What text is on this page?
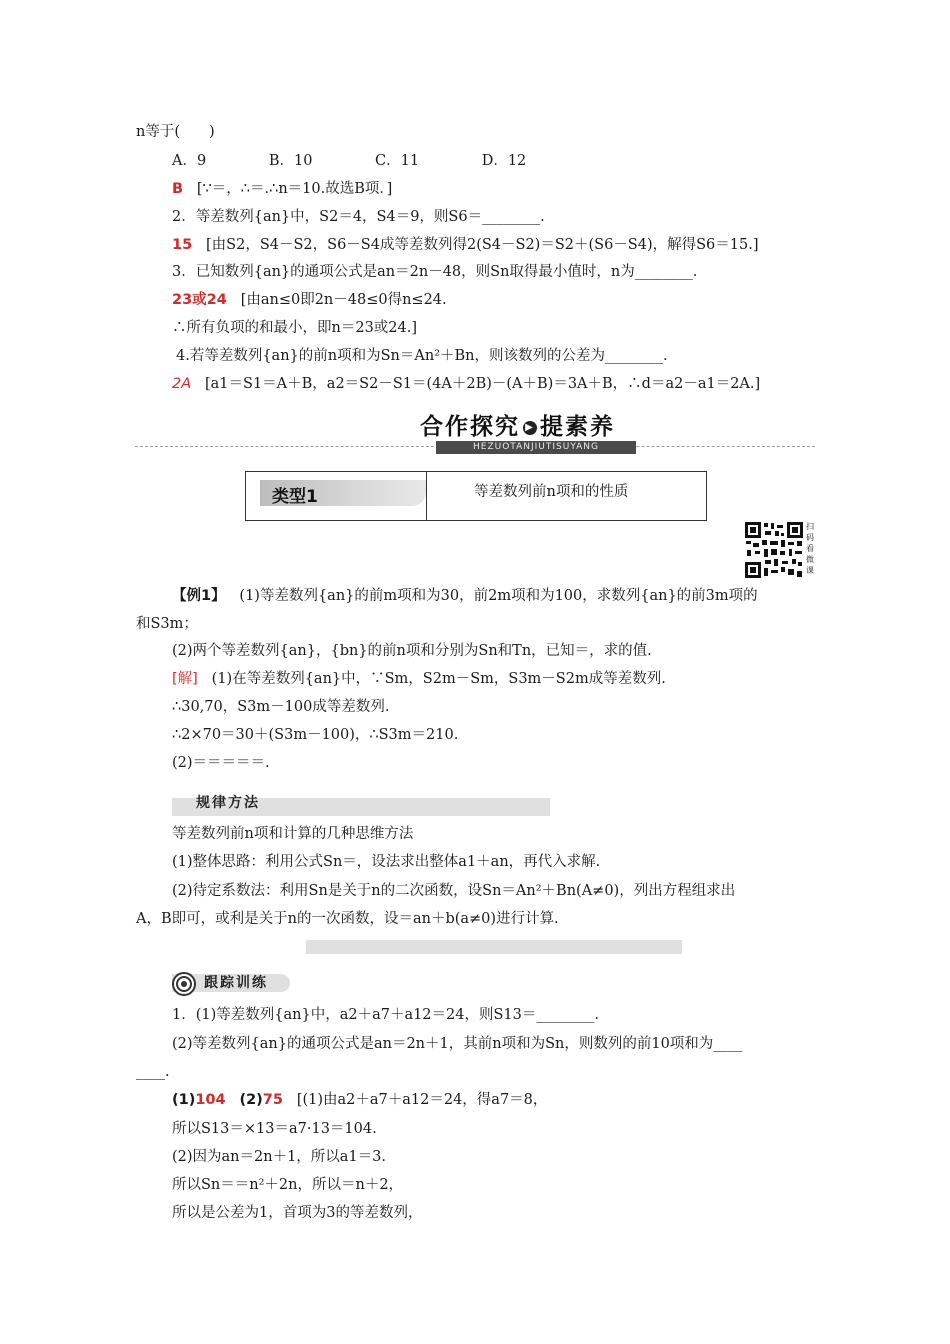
n等于(　　)
A．9	B．10	C．11	D．12
B [∵＝，∴＝.∴n＝10.故选B项．]
2．等差数列{an}中，S2＝4，S4＝9，则S6＝________.
15 [由S2，S4－S2，S6－S4成等差数列得2(S4－S2)＝S2＋(S6－S4)，解得S6＝15.]
3．已知数列{an}的通项公式是an＝2n－48，则Sn取得最小值时，n为________.
23或24 [由an≤0即2n－48≤0得n≤24.
∴所有负项的和最小，即n＝23或24.]
4.若等差数列{an}的前n项和为Sn＝An²＋Bn，则该数列的公差为________.
2A [a1＝S1＝A＋B，a2＝S2－S1＝(4A＋2B)－(A＋B)＝3A＋B，∴d＝a2－a1＝2A.]
合作探究 ▶ 提素养
HEZUOTANJIUTISUYANG
类型1	等差数列前n项和的性质
扫
码
看
微
课
【例1】 (1)等差数列{an}的前m项和为30，前2m项和为100，求数列{an}的前3m项的
和S3m；
(2)两个等差数列{an}，{bn}的前n项和分别为Sn和Tn，已知＝，求的值.
[解] (1)在等差数列{an}中，∵Sm，S2m－Sm，S3m－S2m成等差数列.
∴30,70，S3m－100成等差数列.
∴2×70＝30＋(S3m－100)，∴S3m＝210.
(2)＝＝＝＝＝.
规律方法
等差数列前n项和计算的几种思维方法
(1)整体思路：利用公式Sn＝，设法求出整体a1＋an，再代入求解.
(2)待定系数法：利用Sn是关于n的二次函数，设Sn＝An²＋Bn(A≠0)，列出方程组求出
A，B即可，或利是关于n的一次函数，设＝an＋b(a≠0)进行计算.
跟踪训练
1．(1)等差数列{an}中，a2＋a7＋a12＝24，则S13＝________.
(2)等差数列{an}的通项公式是an＝2n＋1，其前n项和为Sn，则数列的前10项和为____
____.
(1)104 (2)75 [(1)由a2＋a7＋a12＝24，得a7＝8，
所以S13＝×13＝a7·13＝104.
(2)因为an＝2n＋1，所以a1＝3.
所以Sn＝＝n²＋2n，所以＝n＋2，
所以是公差为1，首项为3的等差数列，
